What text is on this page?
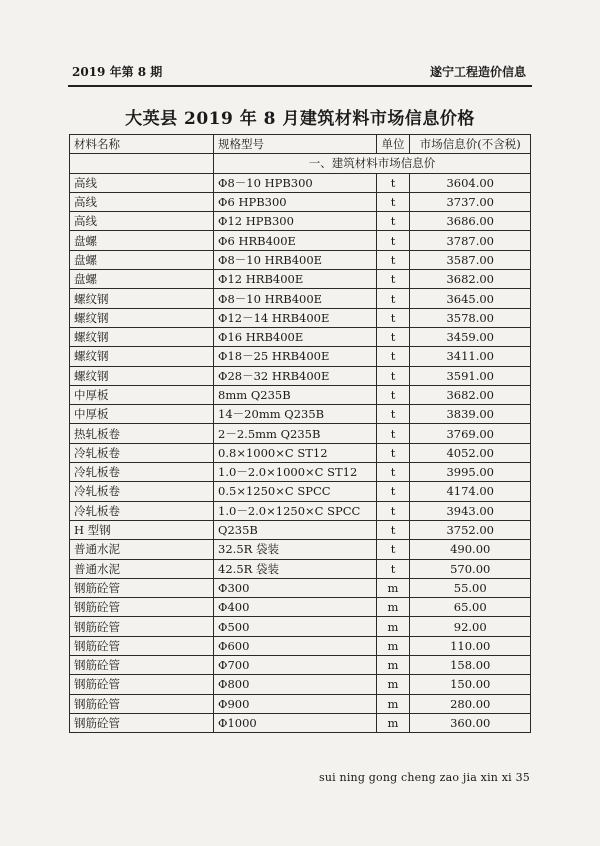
2019 年第 8 期	遂宁工程造价信息
大英县 2019 年 8 月建筑材料市场信息价格
材料名称	规格型号	单位	市场信息价(不含税)
	一、建筑材料市场信息价		
高线	Φ8－10 HPB300	t	3604.00
高线	Φ6 HPB300	t	3737.00
高线	Φ12 HPB300	t	3686.00
盘螺	Φ6 HRB400E	t	3787.00
盘螺	Φ8－10 HRB400E	t	3587.00
盘螺	Φ12 HRB400E	t	3682.00
螺纹钢	Φ8－10 HRB400E	t	3645.00
螺纹钢	Φ12－14 HRB400E	t	3578.00
螺纹钢	Φ16 HRB400E	t	3459.00
螺纹钢	Φ18－25 HRB400E	t	3411.00
螺纹钢	Φ28－32 HRB400E	t	3591.00
中厚板	8mm Q235B	t	3682.00
中厚板	14－20mm Q235B	t	3839.00
热轧板卷	2－2.5mm Q235B	t	3769.00
冷轧板卷	0.8×1000×C ST12	t	4052.00
冷轧板卷	1.0－2.0×1000×C ST12	t	3995.00
冷轧板卷	0.5×1250×C SPCC	t	4174.00
冷轧板卷	1.0－2.0×1250×C SPCC	t	3943.00
H 型钢	Q235B	t	3752.00
普通水泥	32.5R 袋装	t	490.00
普通水泥	42.5R 袋装	t	570.00
钢筋砼管	Φ300	m	55.00
钢筋砼管	Φ400	m	65.00
钢筋砼管	Φ500	m	92.00
钢筋砼管	Φ600	m	110.00
钢筋砼管	Φ700	m	158.00
钢筋砼管	Φ800	m	150.00
钢筋砼管	Φ900	m	280.00
钢筋砼管	Φ1000	m	360.00
sui ning gong cheng zao jia xin xi 35
